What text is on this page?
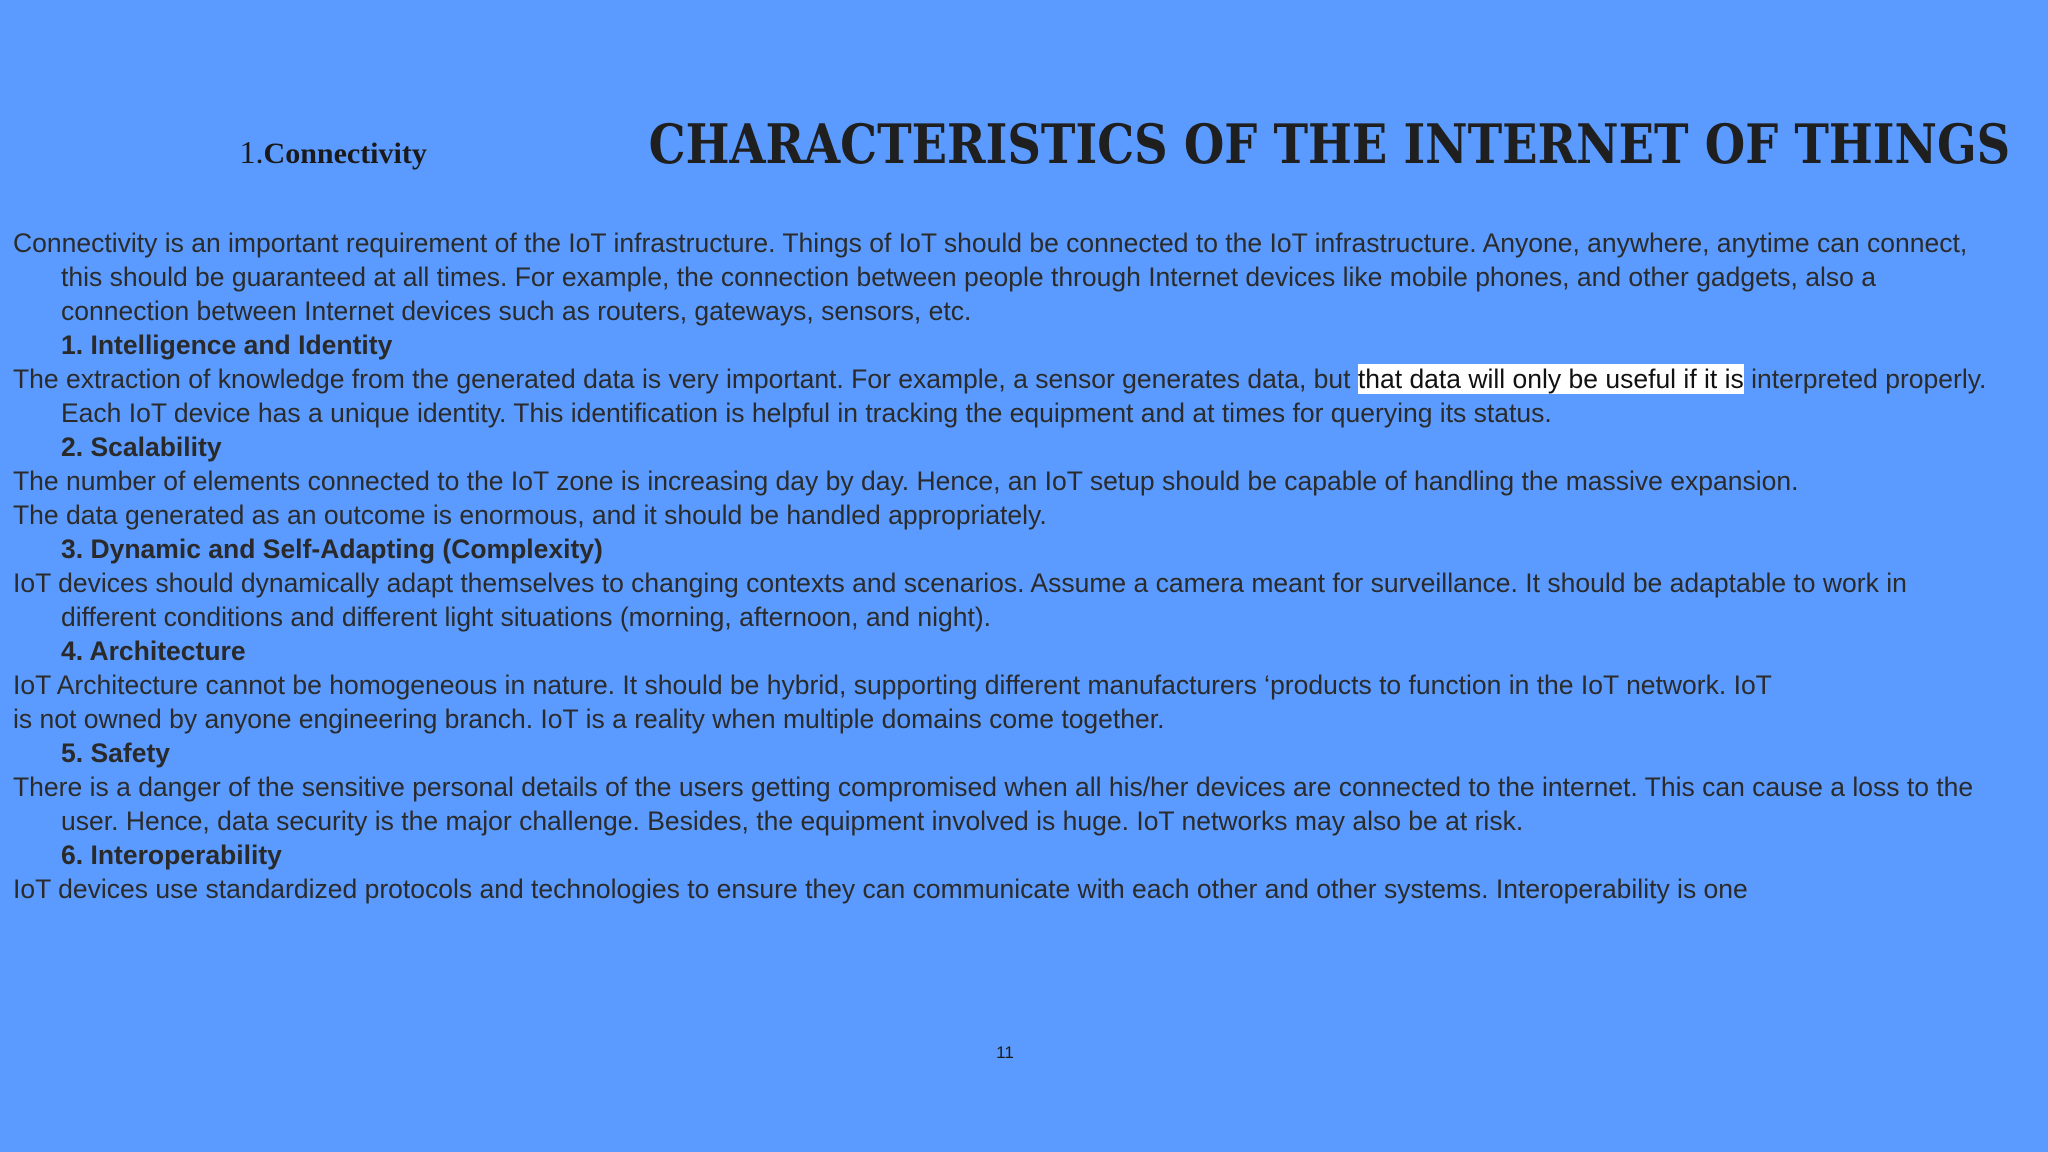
1.Connectivity	CHARACTERISTICS OF THE INTERNET OF THINGS

Connectivity is an important requirement of the IoT infrastructure. Things of IoT should be connected to the IoT infrastructure. Anyone, anywhere, anytime can connect, this should be guaranteed at all times. For example, the connection between people through Internet devices like mobile phones, and other gadgets, also a connection between Internet devices such as routers, gateways, sensors, etc.

1. Intelligence and Identity

The extraction of knowledge from the generated data is very important. For example, a sensor generates data, but that data will only be useful if it is interpreted properly. Each IoT device has a unique identity. This identification is helpful in tracking the equipment and at times for querying its status.

2. Scalability

The number of elements connected to the IoT zone is increasing day by day. Hence, an IoT setup should be capable of handling the massive expansion.

The data generated as an outcome is enormous, and it should be handled appropriately.

3. Dynamic and Self-Adapting (Complexity)

IoT devices should dynamically adapt themselves to changing contexts and scenarios. Assume a camera meant for surveillance. It should be adaptable to work in different conditions and different light situations (morning, afternoon, and night).

4. Architecture

IoT Architecture cannot be homogeneous in nature. It should be hybrid, supporting different manufacturers ‘products to function in the IoT network. IoT

is not owned by anyone engineering branch. IoT is a reality when multiple domains come together.

5. Safety

There is a danger of the sensitive personal details of the users getting compromised when all his/her devices are connected to the internet. This can cause a loss to the user. Hence, data security is the major challenge. Besides, the equipment involved is huge. IoT networks may also be at risk.

6. Interoperability

IoT devices use standardized protocols and technologies to ensure they can communicate with each other and other systems. Interoperability is one

11
